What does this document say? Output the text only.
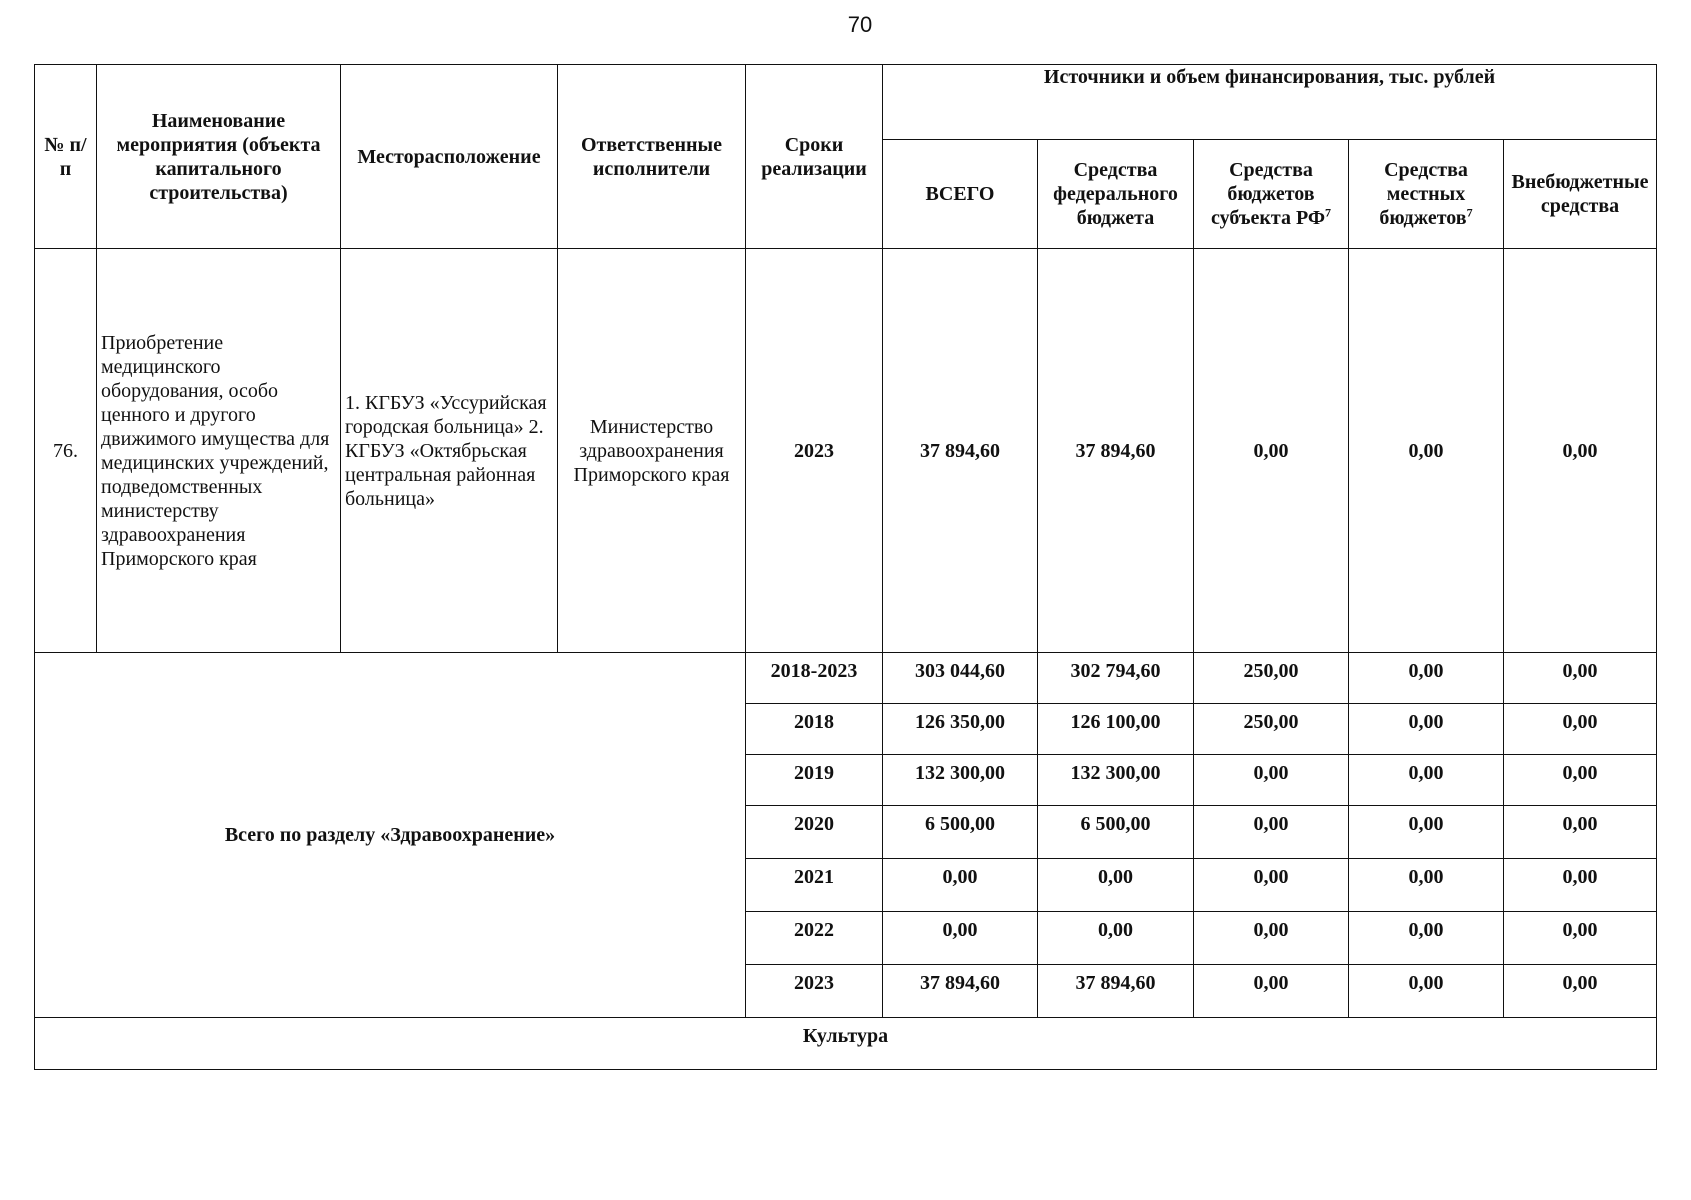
70
№ п/п	Наименование мероприятия (объекта капитального строительства)	Месторасположение	Ответственные исполнители	Сроки реализации	Источники и объем финансирования, тыс. рублей				
					ВСЕГО	Средства федерального бюджета	Средства бюджетов субъекта $РФ^7$	Средства местных бюджетов$^7$	Внебюджетные средства
76.	Приобретение медицинского оборудования, особо ценного и другого движимого имущества для медицинских учреждений, подведомственных министерству здравоохранения Приморского края	1. КГБУЗ «Уссурийская городская больница» 2. КГБУЗ «Октябрьская центральная районная больница»	Министерство здравоохранения Приморского края	2023	37 894,60	37 894,60	0,00	0,00	0,00
Всего по разделу «Здравоохранение»				2018-2023	303 044,60	302 794,60	250,00	0,00	0,00
				2018	126 350,00	126 100,00	250,00	0,00	0,00
				2019	132 300,00	132 300,00	0,00	0,00	0,00
				2020	6 500,00	6 500,00	0,00	0,00	0,00
				2021	0,00	0,00	0,00	0,00	0,00
				2022	0,00	0,00	0,00	0,00	0,00
				2023	37 894,60	37 894,60	0,00	0,00	0,00
Культура									
